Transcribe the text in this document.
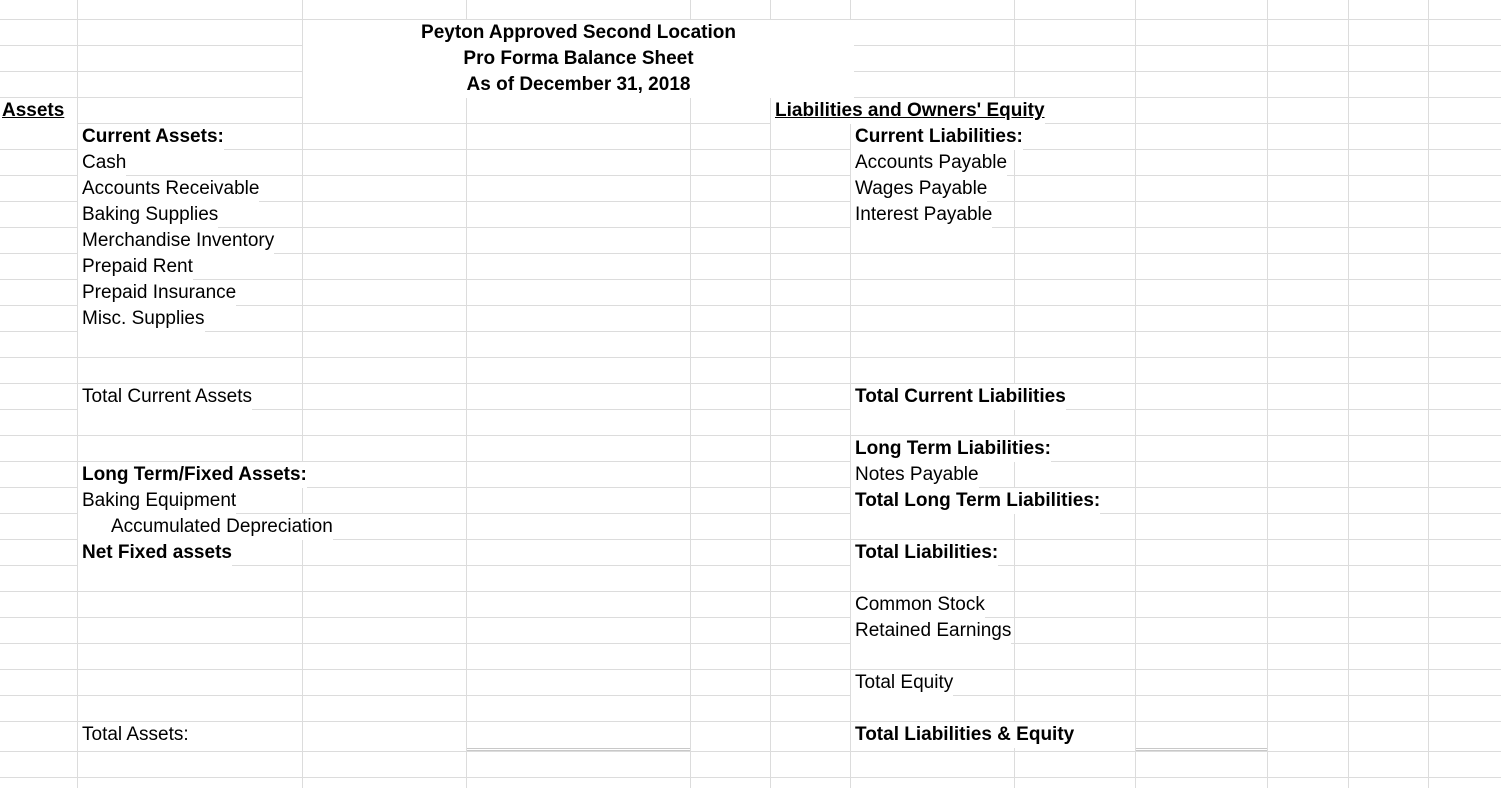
Peyton Approved Second Location
Pro Forma Balance Sheet
As of December 31, 2018
Assets
Current Assets:
Cash
Accounts Receivable
Baking Supplies
Merchandise Inventory
Prepaid Rent
Prepaid Insurance
Misc. Supplies
Total Current Assets
Long Term/Fixed Assets:
Baking Equipment
Accumulated Depreciation
Net Fixed assets
Total Assets:
Liabilities and Owners' Equity
Current Liabilities:
Accounts Payable
Wages Payable
Interest Payable
Total Current Liabilities
Long Term Liabilities:
Notes Payable
Total Long Term Liabilities:
Total Liabilities:
Common Stock
Retained Earnings
Total Equity
Total Liabilities & Equity
